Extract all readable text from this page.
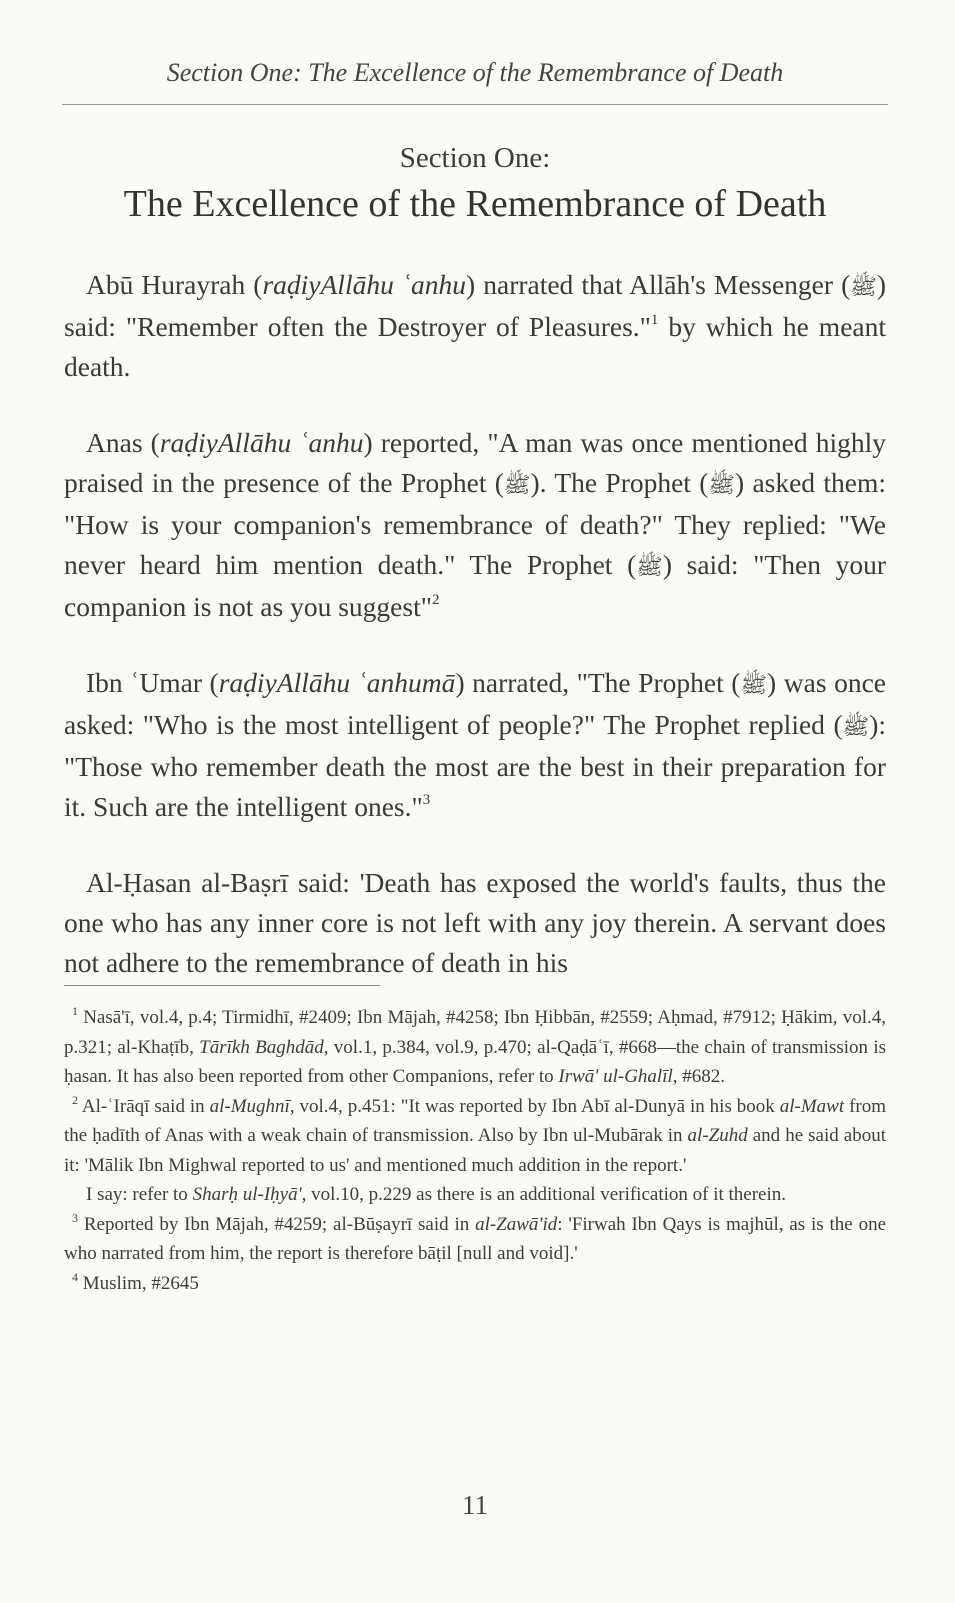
Section One: The Excellence of the Remembrance of Death
Section One:
The Excellence of the Remembrance of Death

Abū Hurayrah (raḍiyAllāhu ʿanhu) narrated that Allāh's Messenger (ﷺ) said: "Remember often the Destroyer of Pleasures."$^1$ by which he meant death.

Anas (raḍiyAllāhu ʿanhu) reported, "A man was once mentioned highly praised in the presence of the Prophet (ﷺ). The Prophet (ﷺ) asked them: "How is your companion's remembrance of death?" They replied: "We never heard him mention death." The Prophet (ﷺ) said: "Then your companion is not as you suggest"$^2$

Ibn ʿUmar (raḍiyAllāhu ʿanhumā) narrated, "The Prophet (ﷺ) was once asked: "Who is the most intelligent of people?" The Prophet replied (ﷺ): "Those who remember death the most are the best in their preparation for it. Such are the intelligent ones."$^3$

Al-Ḥasan al-Baṣrī said: 'Death has exposed the world's faults, thus the one who has any inner core is not left with any joy therein. A servant does not adhere to the remembrance of death in his

$^1$ Nasā'ī, vol.4, p.4; Tirmidhī, #2409; Ibn Mājah, #4258; Ibn Ḥibbān, #2559; Aḥmad, #7912; Ḥākim, vol.4, p.321; al-Khaṭīb, Tārīkh Baghdād, vol.1, p.384, vol.9, p.470; al-Qaḍāʿī, #668—the chain of transmission is ḥasan. It has also been reported from other Companions, refer to Irwā' ul-Ghalīl, #682.

$^2$ Al-ʿIrāqī said in al-Mughnī, vol.4, p.451: "It was reported by Ibn Abī al-Dunyā in his book al-Mawt from the ḥadīth of Anas with a weak chain of transmission. Also by Ibn ul-Mubārak in al-Zuhd and he said about it: 'Mālik Ibn Mighwal reported to us' and mentioned much addition in the report.'

I say: refer to Sharḥ ul-Iḥyā', vol.10, p.229 as there is an additional verification of it therein.

$^3$ Reported by Ibn Mājah, #4259; al-Būṣayrī said in al-Zawā'id: 'Firwah Ibn Qays is majhūl, as is the one who narrated from him, the report is therefore bāṭil [null and void].'

$^4$ Muslim, #2645

11
